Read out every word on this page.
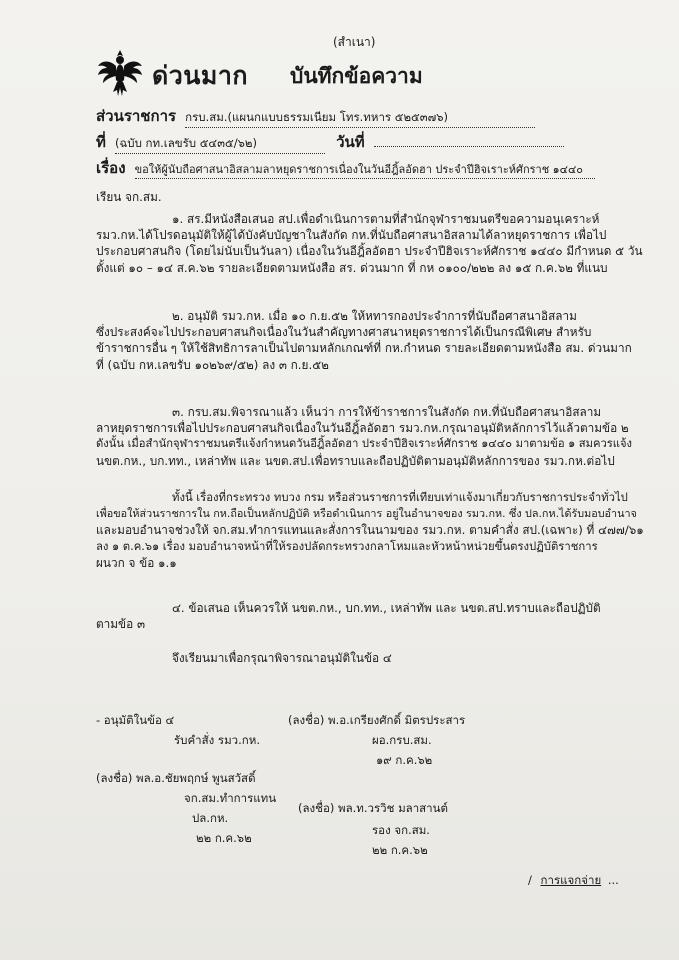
(สำเนา)
ด่วนมาก บันทึกข้อความ
ส่วนราชการ กรบ.สม.(แผนกแบบธรรมเนียม โทร.ทหาร ๕๒๕๓๗๖)
ที่ (ฉบับ กท.เลขรับ ๕๔๓๕/๖๒)	วันที่
เรื่อง ขอให้ผู้นับถือศาสนาอิสลามลาหยุดราชการเนื่องในวันอีฎิ้ลอัดฮา ประจำปีฮิจเราะห์ศักราช ๑๔๔๐
เรียน จก.สม.
๑. สร.มีหนังสือเสนอ สป.เพื่อดำเนินการตามที่สำนักจุฬาราชมนตรีขอความอนุเคราะห์
รมว.กห.ได้โปรดอนุมัติให้ผู้ได้บังคับบัญชาในสังกัด กห.ที่นับถือศาสนาอิสลามได้ลาหยุดราชการ เพื่อไป
ประกอบศาสนกิจ (โดยไม่นับเป็นวันลา) เนื่องในวันอีฎิ้ลอัดฮา ประจำปีฮิจเราะห์ศักราช ๑๔๔๐ มีกำหนด ๕ วัน
ตั้งแต่ ๑๐ – ๑๔ ส.ค.๖๒ รายละเอียดตามหนังสือ สร. ด่วนมาก ที่ กห ๐๑๐๐/๒๒๒ ลง ๑๕ ก.ค.๖๒ ที่แนบ
๒. อนุมัติ รมว.กห. เมื่อ ๑๐ ก.ย.๕๒ ให้หทารกองประจำการที่นับถือศาสนาอิสลาม
ซึ่งประสงค์จะไปประกอบศาสนกิจเนื่องในวันสำคัญทางศาสนาหยุดราชการได้เป็นกรณีพิเศษ สำหรับ
ข้าราชการอื่น ๆ ให้ใช้สิทธิการลาเป็นไปตามหลักเกณฑ์ที่ กห.กำหนด รายละเอียดตามหนังสือ สม. ด่วนมาก
ที่ (ฉบับ กห.เลขรับ ๑๐๒๖๙/๕๒) ลง ๓ ก.ย.๕๒
๓. กรบ.สม.พิจารณาแล้ว เห็นว่า การให้ข้าราชการในสังกัด กห.ที่นับถือศาสนาอิสลาม
ลาหยุดราชการเพื่อไปประกอบศาสนกิจเนื่องในวันอีฎิ้ลอัดฮา รมว.กห.กรุณาอนุมัติหลักการไว้แล้วตามข้อ ๒
ดังนั้น เมื่อสำนักจุฬาราชมนตรีแจ้งกำหนดวันอีฎิ้ลอัดฮา ประจำปีฮิจเราะห์ศักราช ๑๔๔๐ มาตามข้อ ๑ สมควรแจ้ง
นขต.กห., บก.ทท., เหล่าทัพ และ นขต.สป.เพื่อทราบและถือปฏิบัติตามอนุมัติหลักการของ รมว.กห.ต่อไป
ทั้งนี้ เรื่องที่กระทรวง ทบวง กรม หรือส่วนราชการที่เทียบเท่าแจ้งมาเกี่ยวกับราชการประจำทั่วไป
เพื่อขอให้ส่วนราชการใน กห.ถือเป็นหลักปฏิบัติ หรือดำเนินการ อยู่ในอำนาจของ รมว.กห. ซึ่ง ปล.กห.ได้รับมอบอำนาจ
และมอบอำนาจช่วงให้ จก.สม.ทำการแทนและสั่งการในนามของ รมว.กห. ตามคำสั่ง สป.(เฉพาะ) ที่ ๔๗๗/๖๑
ลง ๑ ต.ค.๖๑ เรื่อง มอบอำนาจหน้าที่ให้รองปลัดกระทรวงกลาโหมและหัวหน้าหน่วยขึ้นตรงปฏิบัติราชการ
ผนวก จ ข้อ ๑.๑
๔. ข้อเสนอ เห็นควรให้ นขต.กห., บก.ทท., เหล่าทัพ และ นขต.สป.ทราบและถือปฏิบัติ
ตามข้อ ๓
จึงเรียนมาเพื่อกรุณาพิจารณาอนุมัติในข้อ ๔
- อนุมัติในข้อ ๔
รับคำสั่ง รมว.กห.
(ลงชื่อ) พล.อ.ชัยพฤกษ์ พูนสวัสดิ์
จก.สม.ทำการแทน
ปล.กห.
๒๒ ก.ค.๖๒
(ลงชื่อ) พ.อ.เกรียงศักดิ์ มิตรประสาร
ผอ.กรบ.สม.
๑๙ ก.ค.๖๒
(ลงชื่อ) พล.ท.วรวิช มลาสานต์
รอง จก.สม.
๒๒ ก.ค.๖๒
/ การแจกจ่าย ...
